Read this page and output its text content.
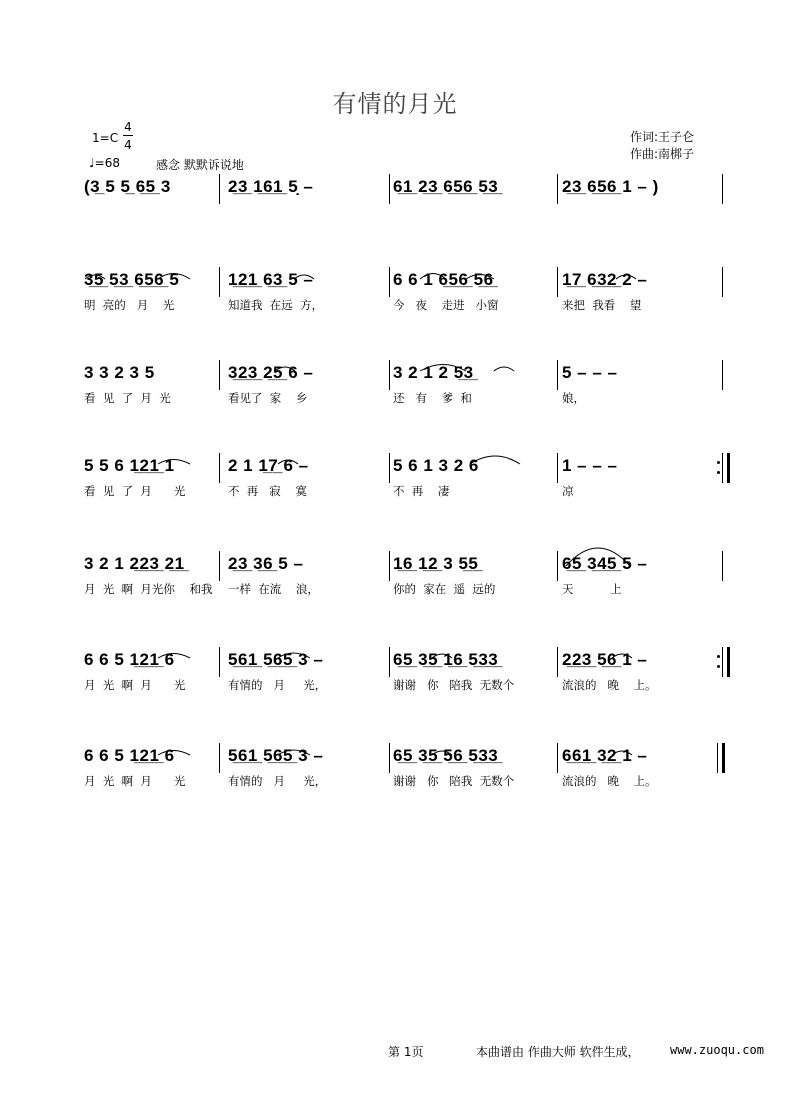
有情的月光
1=C
4
4
♩=68	感念 默默诉说地
作词:王子仑
作曲:南梆子
(3̲ 5 5̲ 6̲5̲ 3	2̲3̲ 1̲6̲1̲ 5̣ –	6̲1̲ 2̲3̲ 6̲5̲6̲ 5̲3̲	2̲3̲ 6̲5̲6̲ 1 – )
3̲5̲ 5̲3̲ 6̲5̲6̲ 5
明  亮的   月    光
1̲2̲1̲ 6̲3̲ 5 –
知道我  在远  方，
6 6 1 6̲5̲6̲ 5̲6̲
今   夜    走进   小窗
1̲7̲ 6̲3̲2̲ 2 –
来把  我看    望
3 3 2 3 5
看  见  了  月  光
3̲2̲3̲ 2̲5̲ 6 –
看见了  家    乡
3 2 1 2 5̲3̲
还   有    爹  和
5 – – –
娘，
5 5 6 1̲2̲1̲ 1
看  见  了  月      光
2 1 1̲7̲ 6 –
不  再   寂    寞
5 6 1 3 2 6
不  再    凄
1 – – –
凉
3 2 1 2̲2̲3̲ 2̲1̲
月  光  啊  月光你    和我
2̲3̲ 3̲6̲ 5 –
一样  在流    浪，
1̲6̲ 1̲2̲ 3 5̲5̲
你的  家在  遥  远的
6̲5̲ 3̲4̲5̲ 5 –
天          上
6 6 5 1̲2̲1̲ 6
月  光  啊  月      光
5̲6̲1̲ 5̲6̲5̲ 3 –
有情的   月     光，
6̲5̲ 3̲5̲ 1̲6̲ 5̲3̲3̲
谢谢   你   陪我  无数个
2̲2̲3̲ 5̲6̲ 1 –
流浪的   晚    上。
6 6 5 1̲2̲1̲ 6
月  光  啊  月      光
5̲6̲1̲ 5̲6̲5̲ 3 –
有情的   月     光，
6̲5̲ 3̲5̲ 5̲6̲ 5̲3̲3̲
谢谢   你   陪我  无数个
6̲6̲1̲ 3̲2̲ 1 –
流浪的   晚    上。
第 1页	本曲谱由 作曲大师 软件生成，	www.zuoqu.com
